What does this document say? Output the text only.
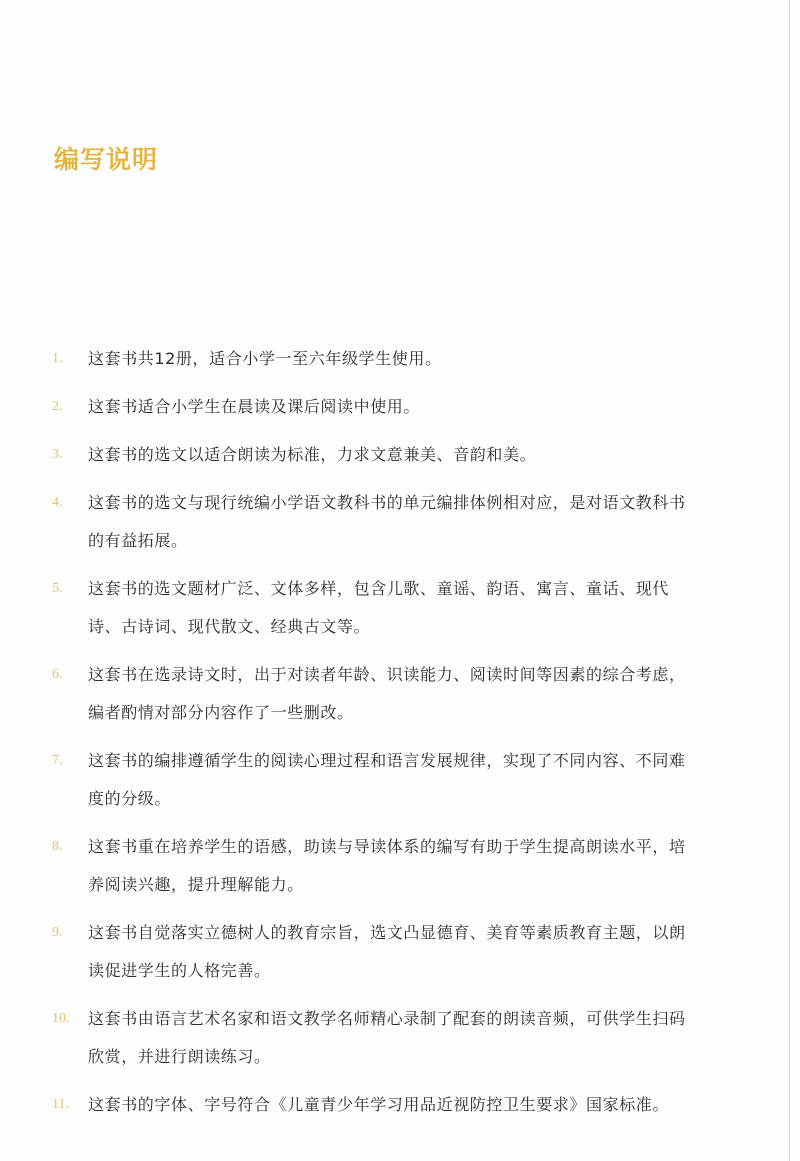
编写说明
1.	这套书共12册，适合小学一至六年级学生使用。
2.	这套书适合小学生在晨读及课后阅读中使用。
3.	这套书的选文以适合朗读为标准，力求文意兼美、音韵和美。
4.	这套书的选文与现行统编小学语文教科书的单元编排体例相对应，是对语文教科书的有益拓展。
5.	这套书的选文题材广泛、文体多样，包含儿歌、童谣、韵语、寓言、童话、现代诗、古诗词、现代散文、经典古文等。
6.	这套书在选录诗文时，出于对读者年龄、识读能力、阅读时间等因素的综合考虑，编者酌情对部分内容作了一些删改。
7.	这套书的编排遵循学生的阅读心理过程和语言发展规律，实现了不同内容、不同难度的分级。
8.	这套书重在培养学生的语感，助读与导读体系的编写有助于学生提高朗读水平，培养阅读兴趣，提升理解能力。
9.	这套书自觉落实立德树人的教育宗旨，选文凸显德育、美育等素质教育主题，以朗读促进学生的人格完善。
10.	这套书由语言艺术名家和语文教学名师精心录制了配套的朗读音频，可供学生扫码欣赏，并进行朗读练习。
11.	这套书的字体、字号符合《儿童青少年学习用品近视防控卫生要求》国家标准。
